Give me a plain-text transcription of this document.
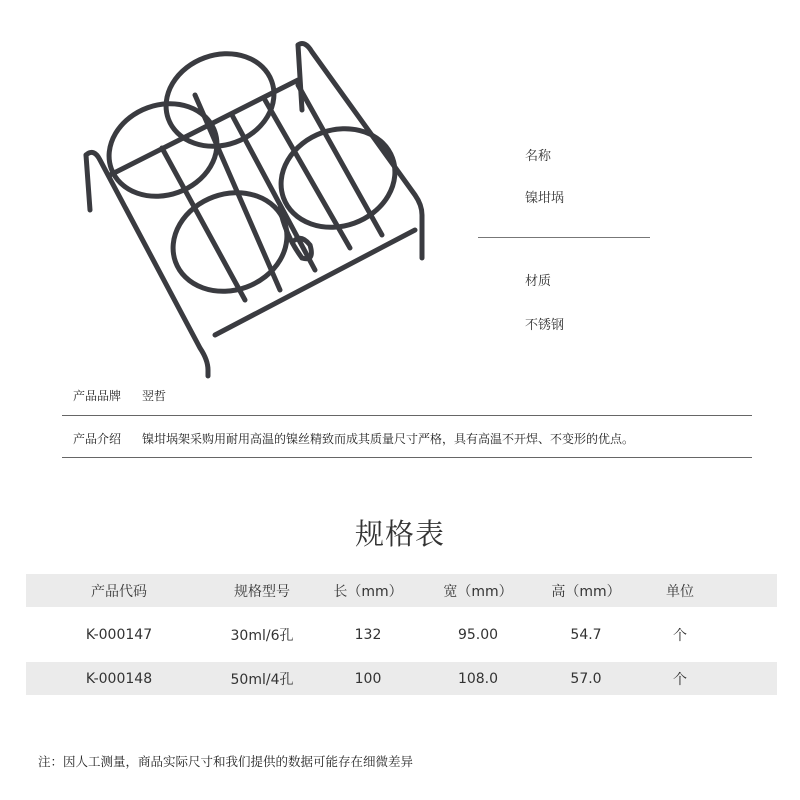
名称
镍坩埚
材质
不锈钢
产品品牌 翌哲
产品介绍 镍坩埚架采购用耐用高温的镍丝精致而成其质量尺寸严格，具有高温不开焊、不变形的优点。
规格表
产品代码	规格型号	长（mm）	宽（mm）	高（mm）	单位
K-000147	30ml/6孔	132	95.00	54.7	个
K-000148	50ml/4孔	100	108.0	57.0	个
注：因人工测量，商品实际尺寸和我们提供的数据可能存在细微差异
